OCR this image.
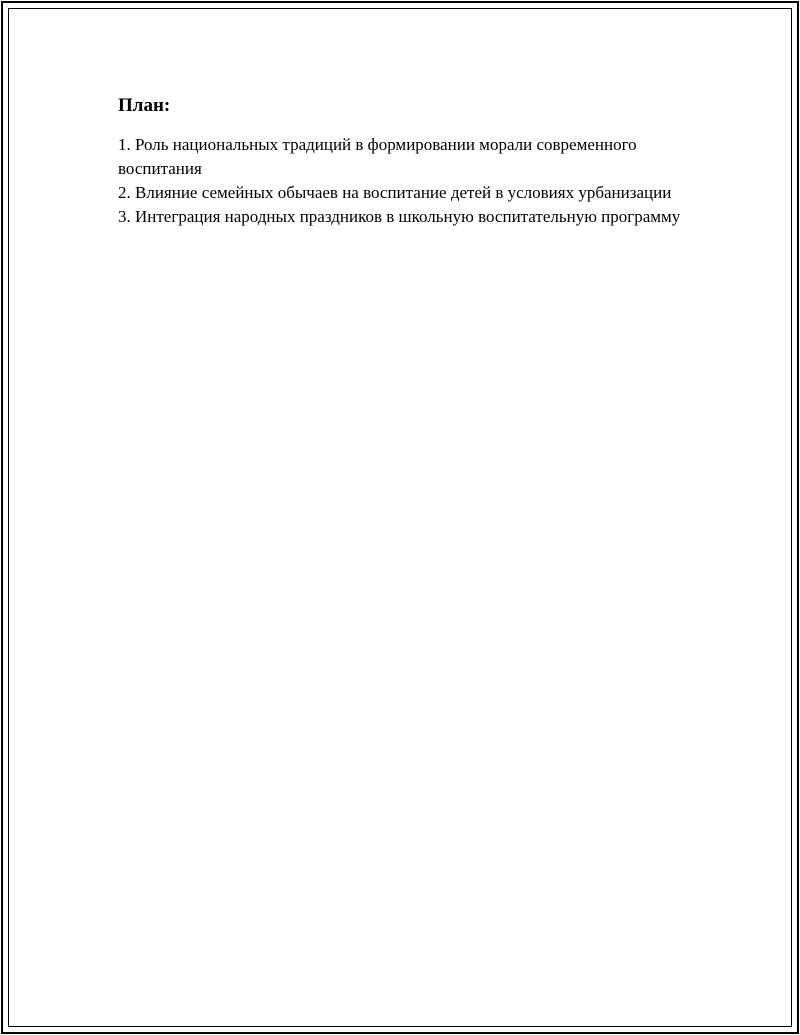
План:
1. Роль национальных традиций в формировании морали современного воспитания
2. Влияние семейных обычаев на воспитание детей в условиях урбанизации
3. Интеграция народных праздников в школьную воспитательную программу
